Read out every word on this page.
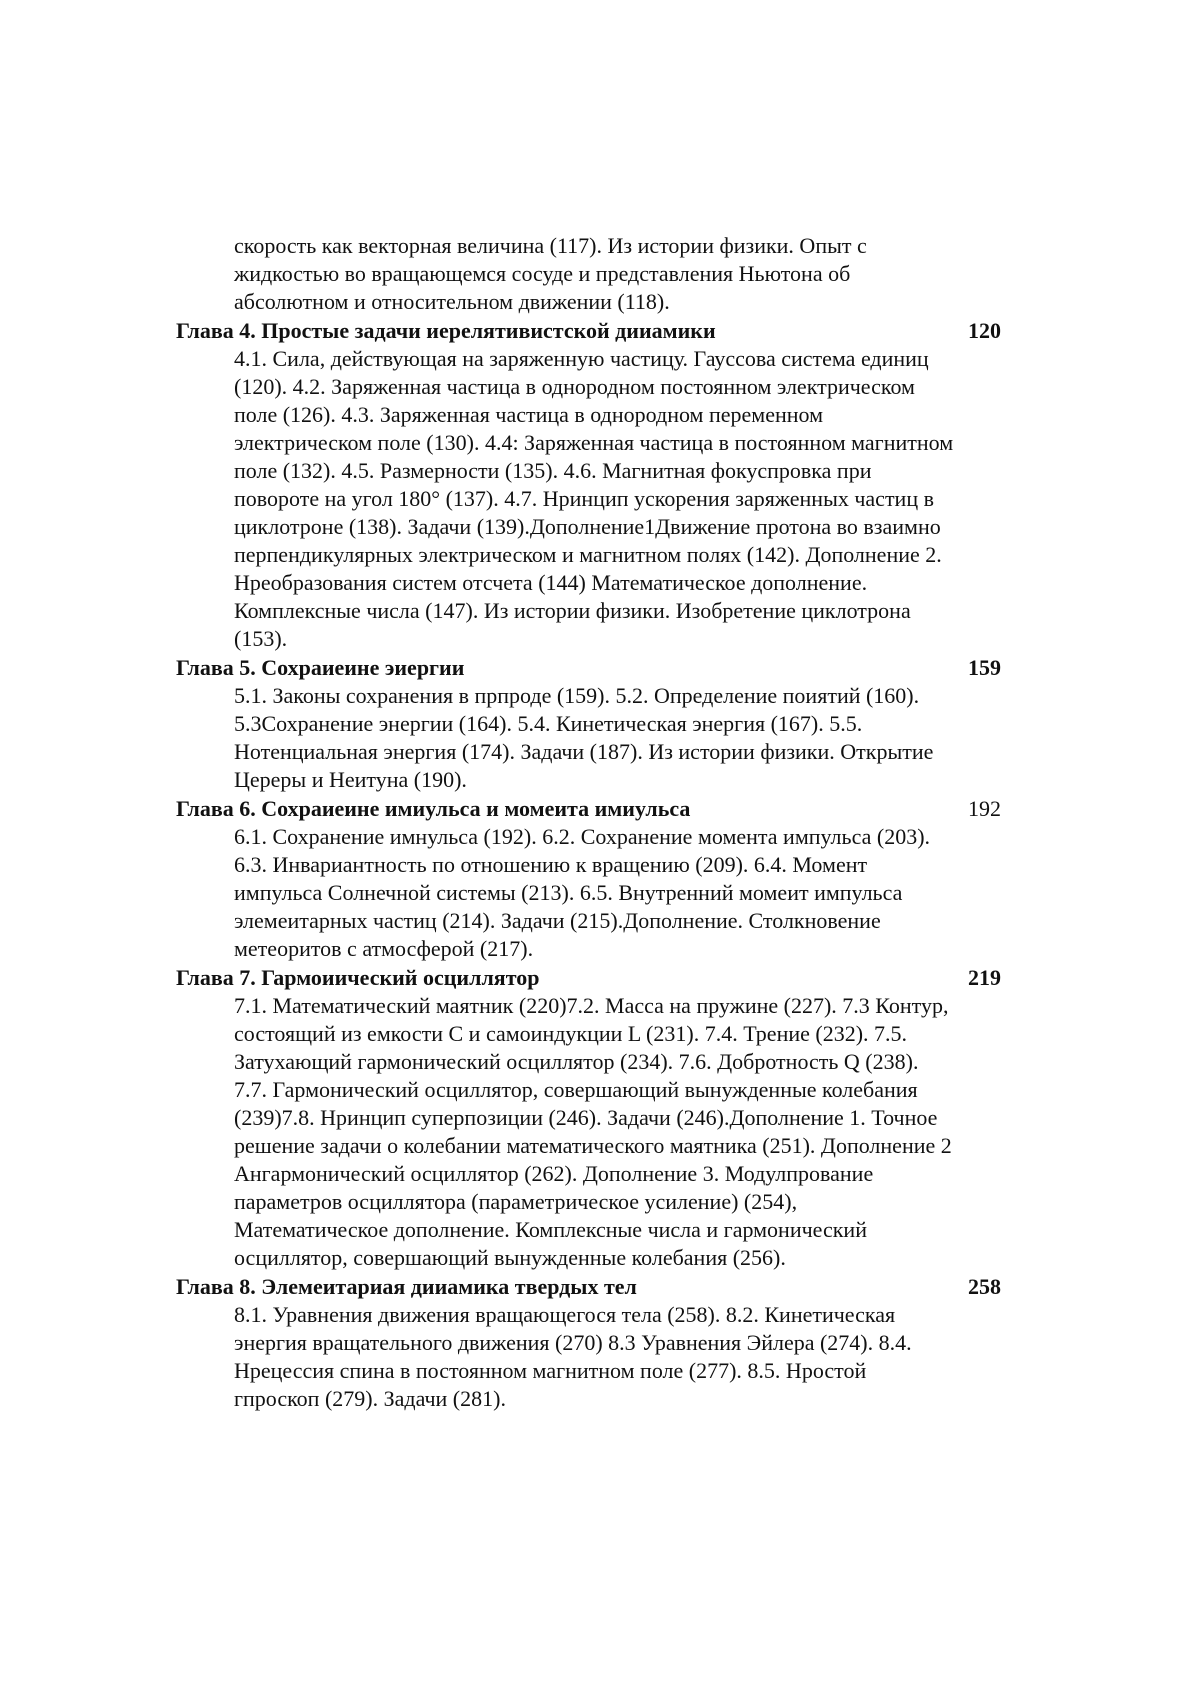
скорость как векторная величина (117). Из истории физики. Опыт с жидкостью во вращающемся сосуде и представления Ньютона об абсолютном и относительном движении (118).
Глава 4. Простые задачи иерелятивистской дииамики	120
4.1. Сила, действующая на заряженную частицу. Гауссова система единиц (120). 4.2. Заряженная частица в однородном постоянном электрическом поле (126). 4.3. Заряженная частица в однородном переменном электрическом поле (130). 4.4: Заряженная частица в постоянном магнитном поле (132). 4.5. Размерности (135). 4.6. Магнитная фокуспровка при повороте на угол 180° (137). 4.7. Нринцип ускорения заряженных частиц в циклотроне (138). Задачи (139).Дополнение1Движение протона во взаимно перпендикулярных электрическом и магнитном полях (142). Дополнение 2. Нреобразования систем отсчета (144) Математическое дополнение. Комплексные числа (147). Из истории физики. Изобретение циклотрона (153).
Глава 5. Сохраиеине эиергии	159
5.1. Законы сохранения в прпроде (159). 5.2. Определение поиятий (160). 5.3Сохранение энергии (164). 5.4. Кинетическая энергия (167). 5.5. Нотенциальная энергия (174). Задачи (187). Из истории физики. Открытие Цереры и Неитуна (190).
Глава 6. Сохраиеине имиульса и момеита имиульса	192
6.1. Сохранение имнульса (192). 6.2. Сохранение момента импульса (203). 6.3. Инвариантность по отношению к вращению (209). 6.4. Момент импульса Солнечной системы (213). 6.5. Внутренний момеит импульса элемеитарных частиц (214). Задачи (215).Дополнение. Столкновение метеоритов с атмосферой (217).
Глава 7. Гармоиический осциллятор	219
7.1. Математический маятник (220)7.2. Масса на пружине (227). 7.3 Контур, состоящий из емкости С и самоиндукции L (231). 7.4. Трение (232). 7.5. Затухающий гармонический осциллятор (234). 7.6. Добротность Q (238). 7.7. Гармонический осциллятор, совершающий вынужденные колебания (239)7.8. Нринцип суперпозиции (246). Задачи (246).Дополнение 1. Точное решение задачи о колебании математического маятника (251). Дополнение 2 Ангармонический осциллятор (262). Дополнение 3. Модулпрование параметров осциллятора (параметрическое усиление) (254), Математическое дополнение. Комплексные числа и гармонический осциллятор, совершающий вынужденные колебания (256).
Глава 8. Элемеитариая дииамика твердых тел	258
8.1. Уравнения движения вращающегося тела (258). 8.2. Кинетическая энергия вращательного движения (270) 8.3 Уравнения Эйлера (274). 8.4. Нрецессия спина в постоянном магнитном поле (277). 8.5. Нростой гпроскоп (279). Задачи (281).
